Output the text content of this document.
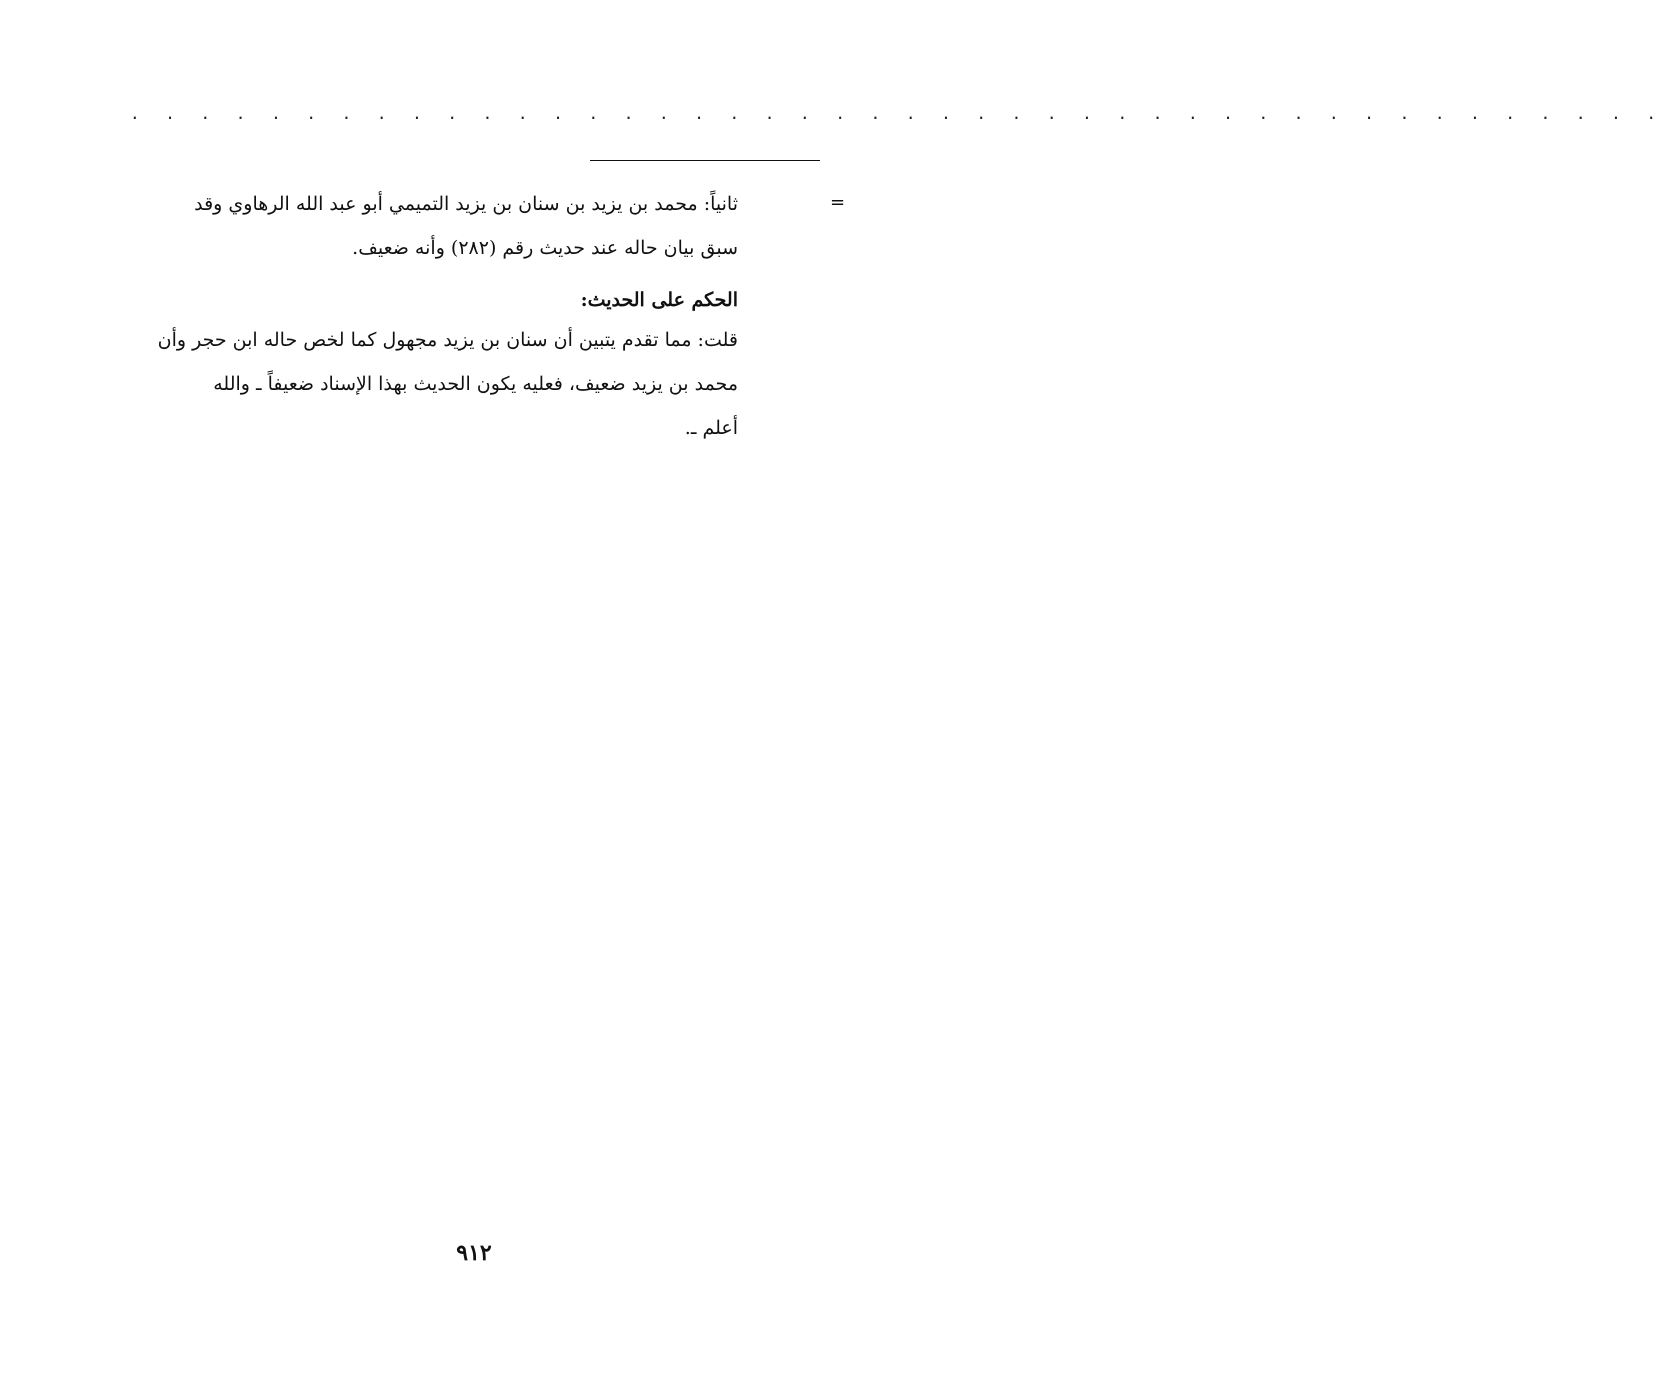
. . . . . . . . . . . . . . . . . . . . . . . . . . . . . . . . . . . . . . . . . . . .
=
ثانياً: محمد بن يزيد بن سنان بن يزيد التميمي أبو عبد الله الرهاوي وقد
سبق بيان حاله عند حديث رقم (٢٨٢) وأنه ضعيف.
الحكم على الحديث:
قلت: مما تقدم يتبين أن سنان بن يزيد مجهول كما لخص حاله ابن حجر وأن
محمد بن يزيد ضعيف، فعليه يكون الحديث بهذا الإسناد ضعيفاً ـ والله
أعلم ـ.
٩١٢
